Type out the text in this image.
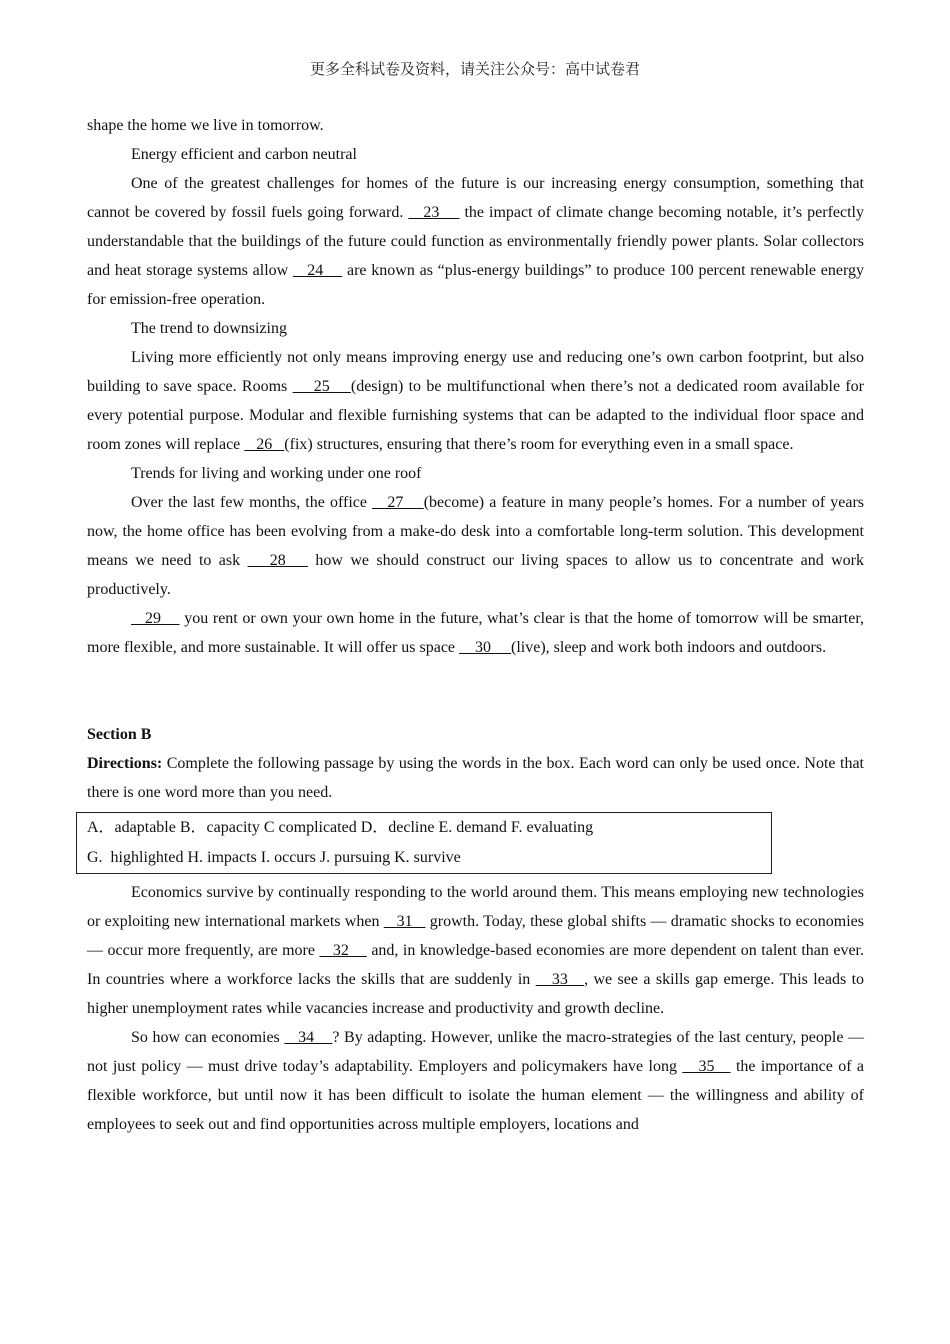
更多全科试卷及资料，请关注公众号：高中试卷君

shape the home we live in tomorrow.

Energy efficient and carbon neutral

One of the greatest challenges for homes of the future is our increasing energy consumption, something that cannot be covered by fossil fuels going forward.    23     the impact of climate change becoming notable, it’s perfectly understandable that the buildings of the future could function as environmentally friendly power plants. Solar collectors and heat storage systems allow    24     are known as “plus-energy buildings” to produce 100 percent renewable energy for emission-free operation.

The trend to downsizing

Living more efficiently not only means improving energy use and reducing one’s own carbon footprint, but also building to save space. Rooms     25    (design) to be multifunctional when there’s not a dedicated room available for every potential purpose. Modular and flexible furnishing systems that can be adapted to the individual floor space and room zones will replace    26   (fix) structures, ensuring that there’s room for everything even in a small space.

Trends for living and working under one roof

Over the last few months, the office    27    (become) a feature in many people’s homes. For a number of years now, the home office has been evolving from a make-do desk into a comfortable long-term solution. This development means we need to ask    28    how we should construct our living spaces to allow us to concentrate and work productively.

29     you rent or own your own home in the future, what’s clear is that the home of tomorrow will be smarter, more flexible, and more sustainable. It will offer us space     30     (live), sleep and work both indoors and outdoors.

Section B

Directions: Complete the following passage by using the words in the box. Each word can only be used once. Note that there is one word more than you need.

A．adaptable B．capacity C complicated D．decline E. demand F. evaluating
G.  highlighted H. impacts I. occurs J. pursuing K. survive

Economics survive by continually responding to the world around them. This means employing new technologies or exploiting new international markets when    31    growth. Today, these global shifts — dramatic shocks to economies — occur more frequently, are more    32     and, in knowledge-based economies are more dependent on talent than ever. In countries where a workforce lacks the skills that are suddenly in    33   , we see a skills gap emerge. This leads to higher unemployment rates while vacancies increase and productivity and growth decline.

So how can economies    34    ? By adapting. However, unlike the macro-strategies of the last century, people — not just policy — must drive today’s adaptability. Employers and policymakers have long    35    the importance of a flexible workforce, but until now it has been difficult to isolate the human element — the willingness and ability of employees to seek out and find opportunities across multiple employers, locations and
